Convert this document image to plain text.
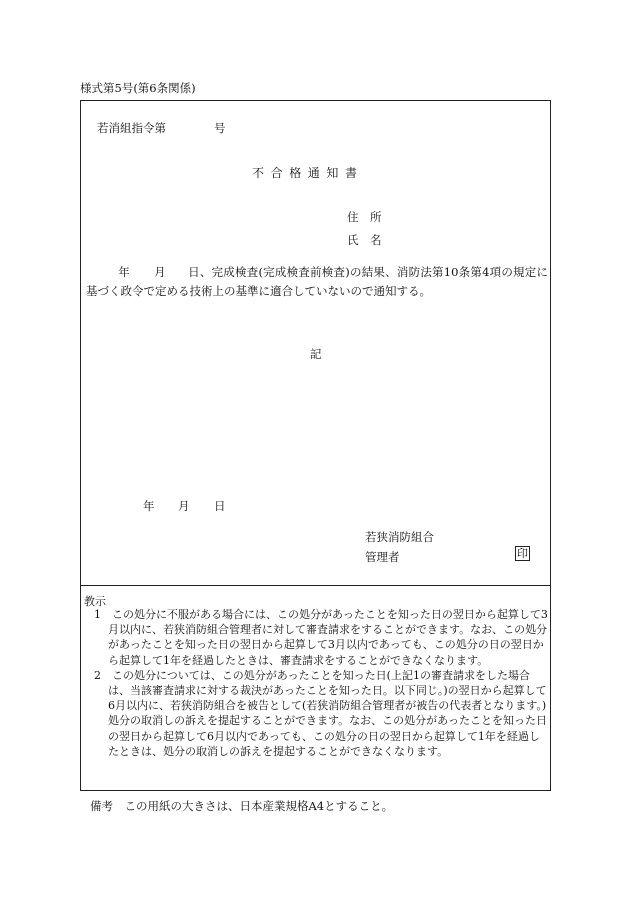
様式第5号(第6条関係)
若消組指令第	号
不合格通知書
住　所
氏　名
年 月 日、完成検査(完成検査前検査)の結果、消防法第10条第4項の規定に基づく政令で定める技術上の基準に適合していないので通知する。
記
年 月 日
若狭消防組合
管理者	印
教示

1　この処分に不服がある場合には、この処分があったことを知った日の翌日から起算して3月以内に、若狭消防組合管理者に対して審査請求をすることができます。なお、この処分があったことを知った日の翌日から起算して3月以内であっても、この処分の日の翌日から起算して1年を経過したときは、審査請求をすることができなくなります。

2　この処分については、この処分があったことを知った日(上記1の審査請求をした場合は、当該審査請求に対する裁決があったことを知った日。以下同じ。)の翌日から起算して6月以内に、若狭消防組合を被告として(若狭消防組合管理者が被告の代表者となります。)処分の取消しの訴えを提起することができます。なお、この処分があったことを知った日の翌日から起算して6月以内であっても、この処分の日の翌日から起算して1年を経過したときは、処分の取消しの訴えを提起することができなくなります。

備考　この用紙の大きさは、日本産業規格A4とすること。
